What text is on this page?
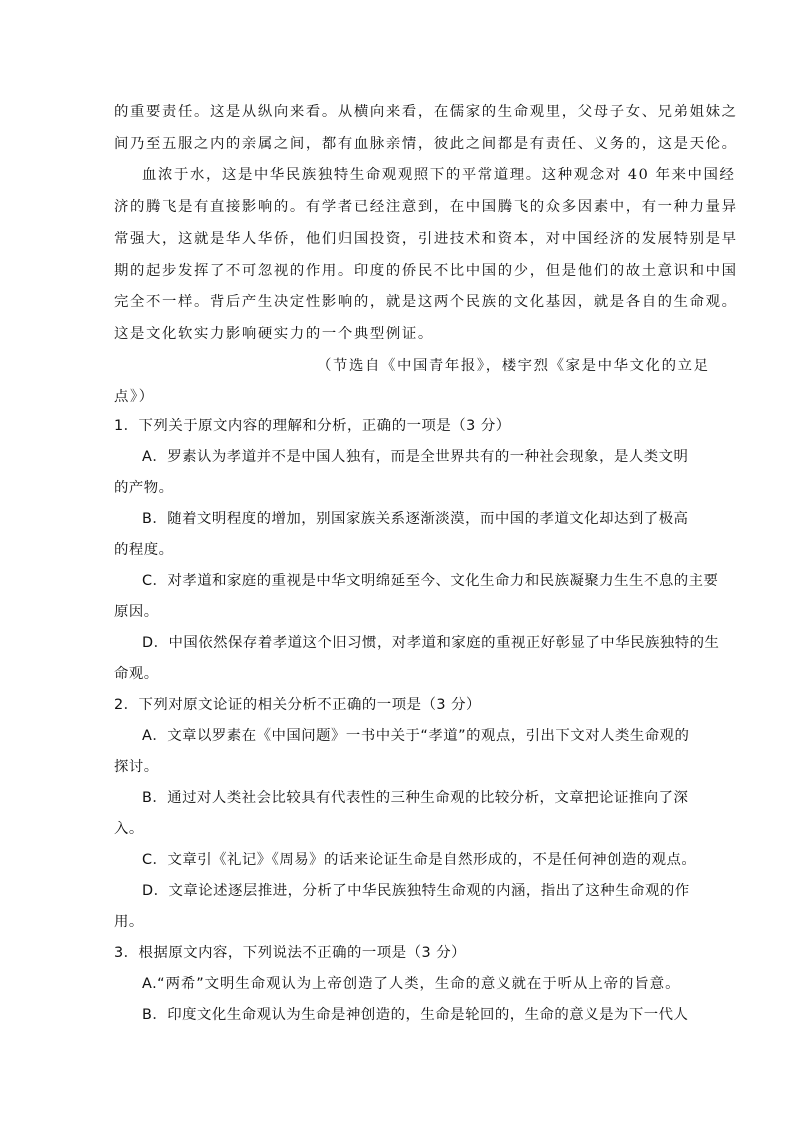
的重要责任。这是从纵向来看。从横向来看，在儒家的生命观里，父母子女、兄弟姐妹之
间乃至五服之内的亲属之间，都有血脉亲情，彼此之间都是有责任、义务的，这是天伦。
血浓于水，这是中华民族独特生命观观照下的平常道理。这种观念对 40 年来中国经
济的腾飞是有直接影响的。有学者已经注意到，在中国腾飞的众多因素中，有一种力量异
常强大，这就是华人华侨，他们归国投资，引进技术和资本，对中国经济的发展特别是早
期的起步发挥了不可忽视的作用。印度的侨民不比中国的少，但是他们的故土意识和中国
完全不一样。背后产生决定性影响的，就是这两个民族的文化基因，就是各自的生命观。
这是文化软实力影响硬实力的一个典型例证。
（节选自《中国青年报》，楼宇烈《家是中华文化的立足
点》）
1．下列关于原文内容的理解和分析，正确的一项是（3 分）
A．罗素认为孝道并不是中国人独有，而是全世界共有的一种社会现象，是人类文明
的产物。
B．随着文明程度的增加，别国家族关系逐渐淡漠，而中国的孝道文化却达到了极高
的程度。
C．对孝道和家庭的重视是中华文明绵延至今、文化生命力和民族凝聚力生生不息的主要
原因。
D．中国依然保存着孝道这个旧习惯，对孝道和家庭的重视正好彰显了中华民族独特的生
命观。
2．下列对原文论证的相关分析不正确的一项是（3 分）
A．文章以罗素在《中国问题》一书中关于“孝道”的观点，引出下文对人类生命观的
探讨。
B．通过对人类社会比较具有代表性的三种生命观的比较分析，文章把论证推向了深
入。
C．文章引《礼记》《周易》的话来论证生命是自然形成的，不是任何神创造的观点。
D．文章论述逐层推进，分析了中华民族独特生命观的内涵，指出了这种生命观的作
用。
3．根据原文内容，下列说法不正确的一项是（3 分）
A.“两希”文明生命观认为上帝创造了人类，生命的意义就在于听从上帝的旨意。
B．印度文化生命观认为生命是神创造的，生命是轮回的，生命的意义是为下一代人
